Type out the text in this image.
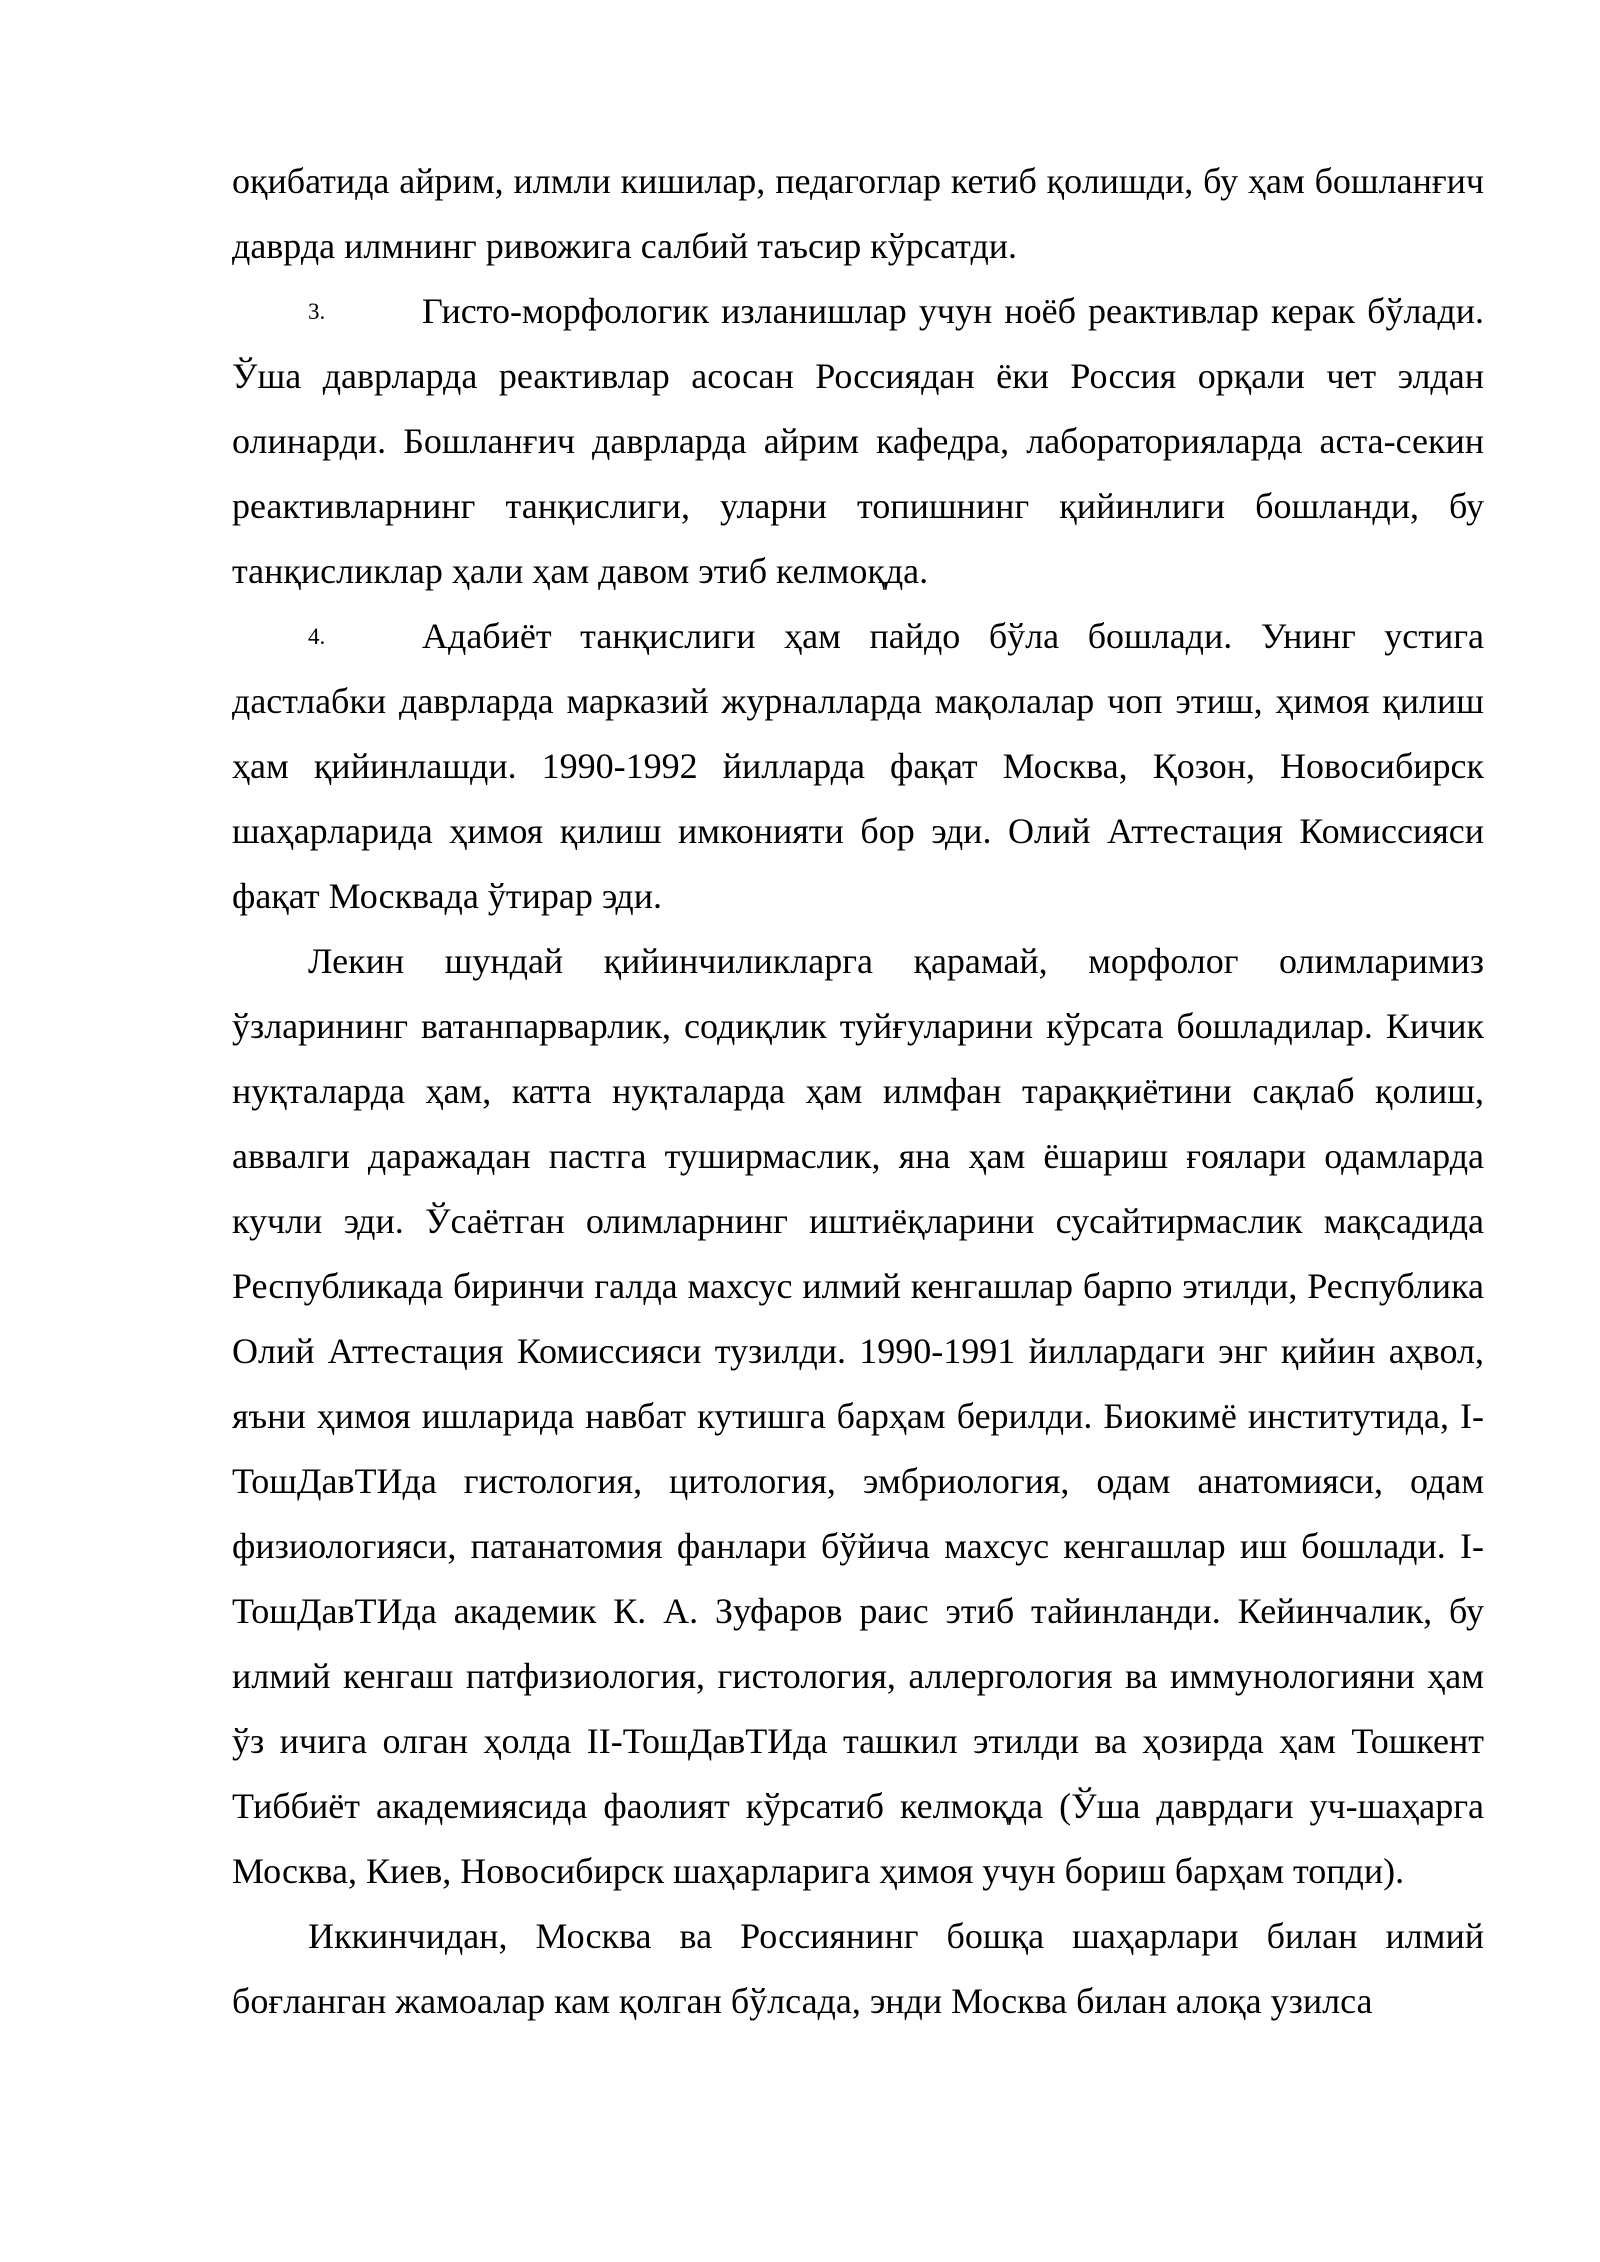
оқибатида айрим, илмли кишилар, педагоглар кетиб қолишди, бу ҳам бошланғич даврда илмнинг ривожига салбий таъсир кўрсатди.

3.	Гисто-морфологик изланишлар учун ноёб реактивлар керак бўлади. Ўша даврларда реактивлар асосан Россиядан ёки Россия орқали чет элдан олинарди. Бошланғич даврларда айрим кафедра, лабораторияларда аста-секин реактивларнинг танқислиги, уларни топишнинг қийинлиги бошланди, бу танқисликлар ҳали ҳам давом этиб келмоқда.

4.	Адабиёт танқислиги ҳам пайдо бўла бошлади. Унинг устига дастлабки даврларда марказий журналларда мақолалар чоп этиш, ҳимоя қилиш ҳам қийинлашди. 1990-1992 йилларда фақат Москва, Қозон, Новосибирск шаҳарларида ҳимоя қилиш имконияти бор эди. Олий Аттестация Комиссияси фақат Москвада ўтирар эди.

Лекин шундай қийинчиликларга қарамай, морфолог олимларимиз ўзларининг ватанпарварлик, содиқлик туйғуларини кўрсата бошладилар. Кичик нуқталарда ҳам, катта нуқталарда ҳам илмфан тараққиётини сақлаб қолиш, аввалги даражадан пастга туширмаслик, яна ҳам ёшариш ғоялари одамларда кучли эди. Ўсаётган олимларнинг иштиёқларини сусайтирмаслик мақсадида Республикада биринчи галда махсус илмий кенгашлар барпо этилди, Республика Олий Аттестация Комиссияси тузилди. 1990-1991 йиллардаги энг қийин аҳвол, яъни ҳимоя ишларида навбат кутишга барҳам берилди. Биокимё институтида, I-ТошДавТИда гистология, цитология, эмбриология, одам анатомияси, одам физиологияси, патанатомия фанлари бўйича махсус кенгашлар иш бошлади. I-ТошДавТИда академик К. А. Зуфаров раис этиб тайинланди. Кейинчалик, бу илмий кенгаш патфизиология, гистология, аллергология ва иммунологияни ҳам ўз ичига олган ҳолда II-ТошДавТИда ташкил этилди ва ҳозирда ҳам Тошкент Тиббиёт академиясида фаолият кўрсатиб келмоқда (Ўша даврдаги уч-шаҳарга Москва, Киев, Новосибирск шаҳарларига ҳимоя учун бориш барҳам топди).

Иккинчидан, Москва ва Россиянинг бошқа шаҳарлари билан илмий боғланган жамоалар кам қолган бўлсада, энди Москва билан алоқа узилса
